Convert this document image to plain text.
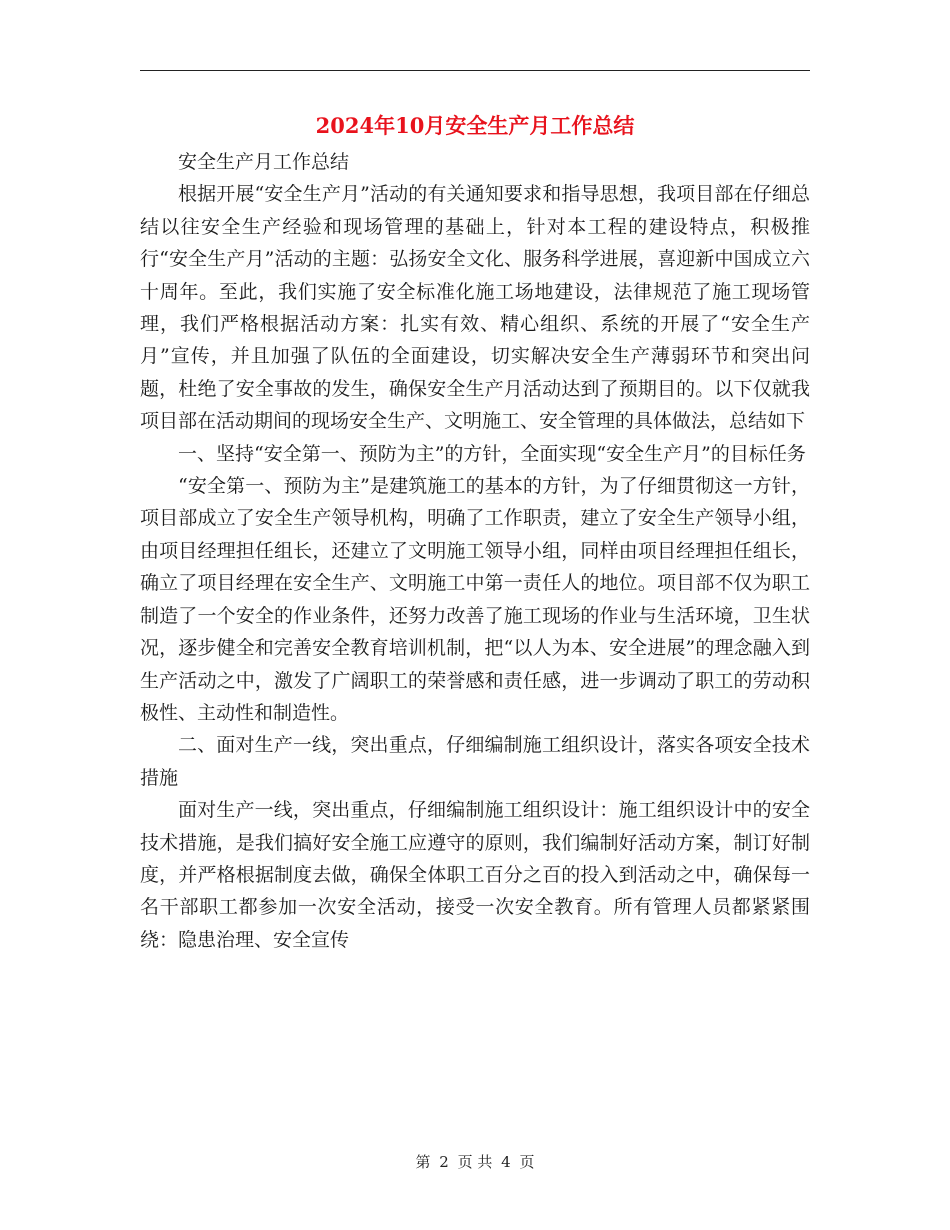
2024年10月安全生产月工作总结

安全生产月工作总结

根据开展“安全生产月”活动的有关通知要求和指导思想，我项目部在仔细总结以往安全生产经验和现场管理的基础上，针对本工程的建设特点，积极推行“安全生产月”活动的主题：弘扬安全文化、服务科学进展，喜迎新中国成立六十周年。至此，我们实施了安全标准化施工场地建设，法律规范了施工现场管理，我们严格根据活动方案：扎实有效、精心组织、系统的开展了“安全生产月”宣传，并且加强了队伍的全面建设，切实解决安全生产薄弱环节和突出问题，杜绝了安全事故的发生，确保安全生产月活动达到了预期目的。以下仅就我项目部在活动期间的现场安全生产、文明施工、安全管理的具体做法，总结如下

一、坚持“安全第一、预防为主”的方针，全面实现“安全生产月”的目标任务

“安全第一、预防为主”是建筑施工的基本的方针，为了仔细贯彻这一方针，项目部成立了安全生产领导机构，明确了工作职责，建立了安全生产领导小组，由项目经理担任组长，还建立了文明施工领导小组，同样由项目经理担任组长，确立了项目经理在安全生产、文明施工中第一责任人的地位。项目部不仅为职工制造了一个安全的作业条件，还努力改善了施工现场的作业与生活环境，卫生状况，逐步健全和完善安全教育培训机制，把“以人为本、安全进展”的理念融入到生产活动之中，激发了广阔职工的荣誉感和责任感，进一步调动了职工的劳动积极性、主动性和制造性。

二、面对生产一线，突出重点，仔细编制施工组织设计，落实各项安全技术措施

面对生产一线，突出重点，仔细编制施工组织设计：施工组织设计中的安全技术措施，是我们搞好安全施工应遵守的原则，我们编制好活动方案，制订好制度，并严格根据制度去做，确保全体职工百分之百的投入到活动之中，确保每一名干部职工都参加一次安全活动，接受一次安全教育。所有管理人员都紧紧围绕：隐患治理、安全宣传

第 2 页 共 4 页
